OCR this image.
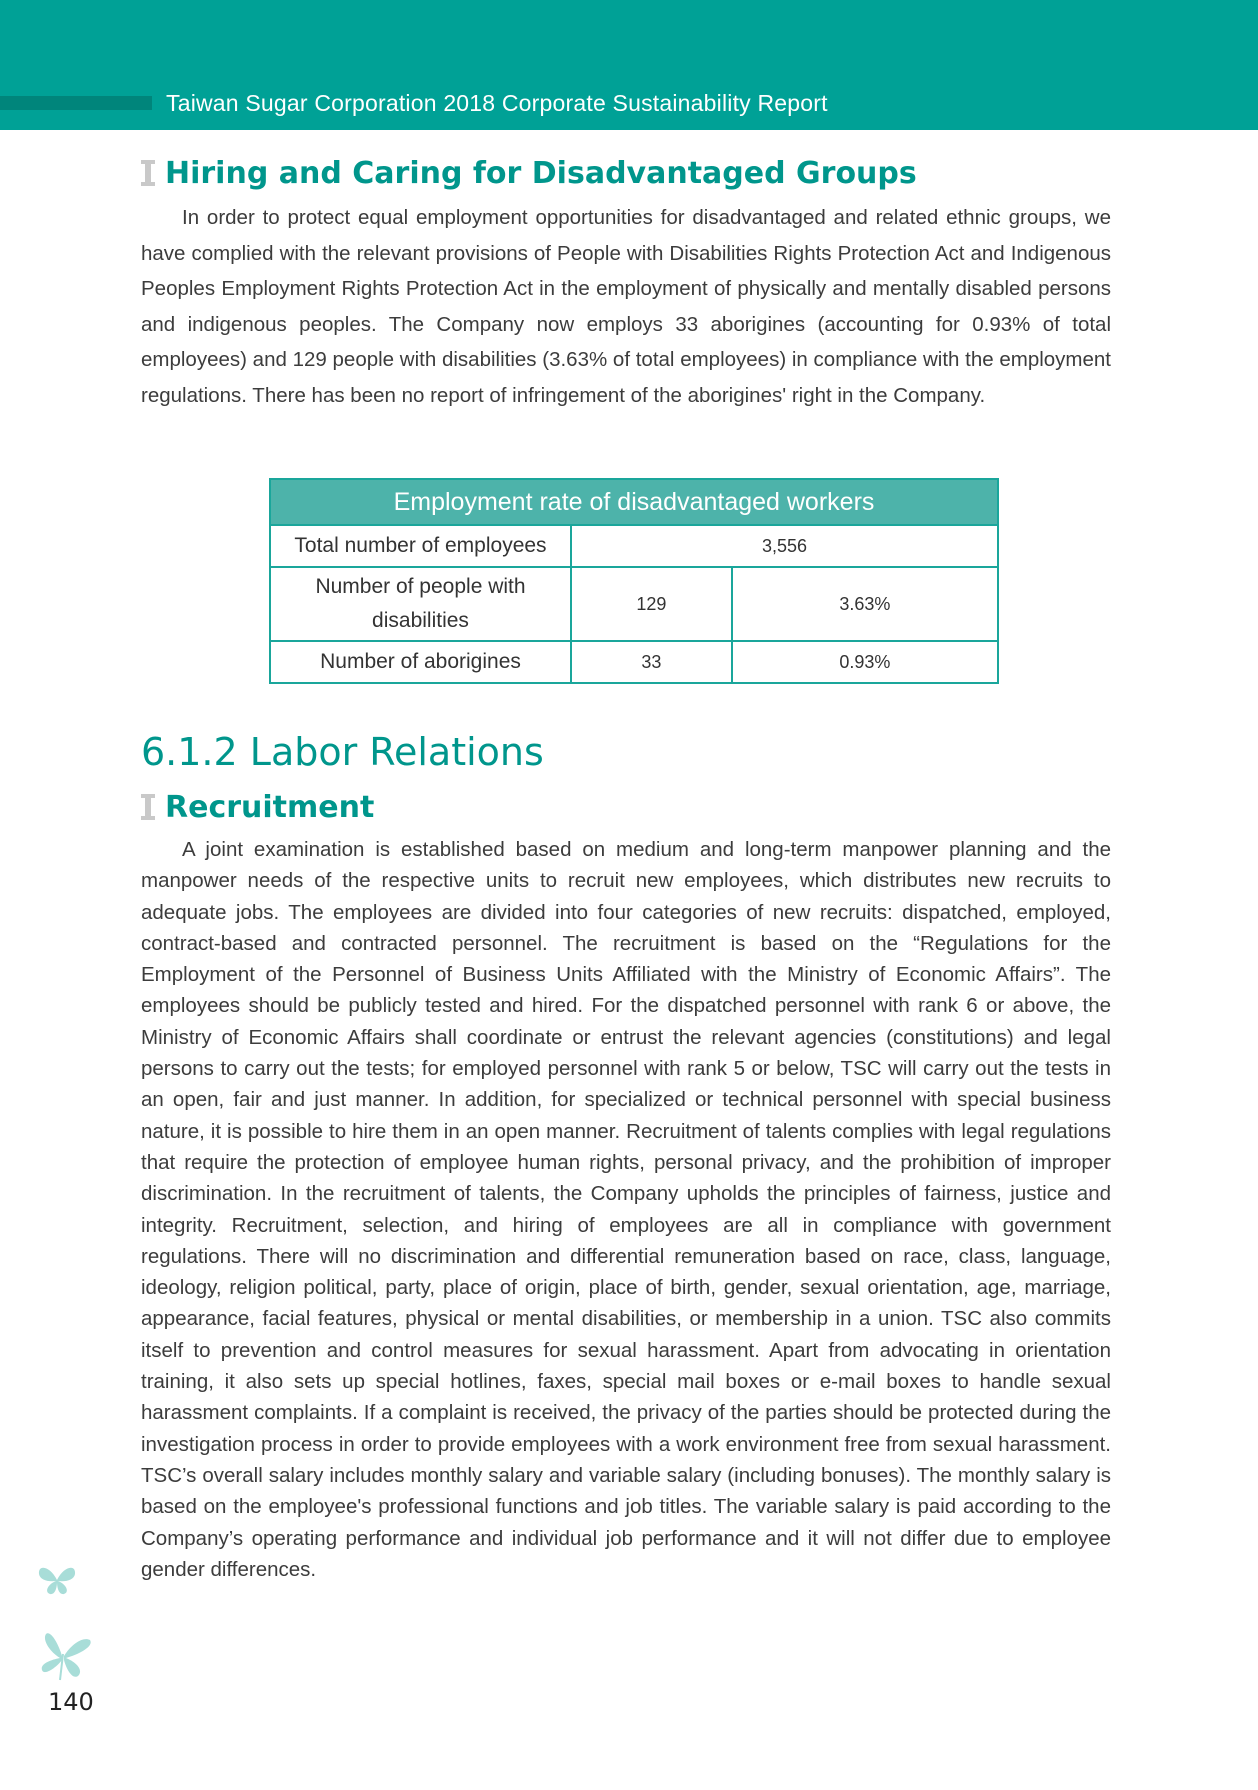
Taiwan Sugar Corporation 2018 Corporate Sustainability Report
Hiring and Caring for Disadvantaged Groups

In order to protect equal employment opportunities for disadvantaged and related ethnic groups, we have complied with the relevant provisions of People with Disabilities Rights Protection Act and Indigenous Peoples Employment Rights Protection Act in the employment of physically and mentally disabled persons and indigenous peoples. The Company now employs 33 aborigines (accounting for 0.93% of total employees) and 129 people with disabilities (3.63% of total employees) in compliance with the employment regulations. There has been no report of infringement of the aborigines' right in the Company.

Employment rate of disadvantaged workers		
Total number of employees	3,556	
Number of people with disabilities	129	3.63%
Number of aborigines	33	0.93%
6.1.2 Labor Relations
Recruitment

A joint examination is established based on medium and long-term manpower planning and the manpower needs of the respective units to recruit new employees, which distributes new recruits to adequate jobs. The employees are divided into four categories of new recruits: dispatched, employed, contract-based and contracted personnel. The recruitment is based on the “Regulations for the Employment of the Personnel of Business Units Affiliated with the Ministry of Economic Affairs”. The employees should be publicly tested and hired. For the dispatched personnel with rank 6 or above, the Ministry of Economic Affairs shall coordinate or entrust the relevant agencies (constitutions) and legal persons to carry out the tests; for employed personnel with rank 5 or below, TSC will carry out the tests in an open, fair and just manner. In addition, for specialized or technical personnel with special business nature, it is possible to hire them in an open manner. Recruitment of talents complies with legal regulations that require the protection of employee human rights, personal privacy, and the prohibition of improper discrimination. In the recruitment of talents, the Company upholds the principles of fairness, justice and integrity. Recruitment, selection, and hiring of employees are all in compliance with government regulations. There will no discrimination and differential remuneration based on race, class, language, ideology, religion political, party, place of origin, place of birth, gender, sexual orientation, age, marriage, appearance, facial features, physical or mental disabilities, or membership in a union. TSC also commits itself to prevention and control measures for sexual harassment. Apart from advocating in orientation training, it also sets up special hotlines, faxes, special mail boxes or e-mail boxes to handle sexual harassment complaints. If a complaint is received, the privacy of the parties should be protected during the investigation process in order to provide employees with a work environment free from sexual harassment. TSC’s overall salary includes monthly salary and variable salary (including bonuses). The monthly salary is based on the employee's professional functions and job titles. The variable salary is paid according to the Company’s operating performance and individual job performance and it will not differ due to employee gender differences.

140
